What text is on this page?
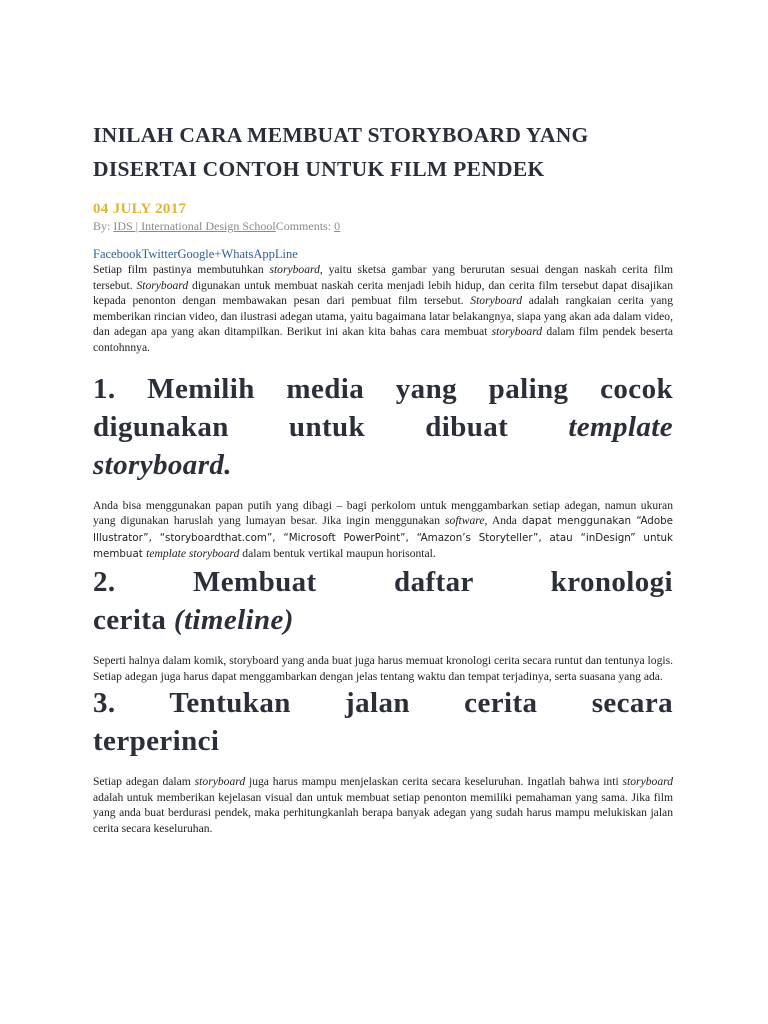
INILAH CARA MEMBUAT STORYBOARD YANG
DISERTAI CONTOH UNTUK FILM PENDEK
04 JULY 2017
By: IDS | International Design SchoolComments: 0
FacebookTwitterGoogle+WhatsAppLine

Setiap film pastinya membutuhkan storyboard, yaitu sketsa gambar yang berurutan sesuai dengan naskah cerita film tersebut. Storyboard digunakan untuk membuat naskah cerita menjadi lebih hidup, dan cerita film tersebut dapat disajikan kepada penonton dengan membawakan pesan dari pembuat film tersebut. Storyboard adalah rangkaian cerita yang memberikan rincian video, dan ilustrasi adegan utama, yaitu bagaimana latar belakangnya, siapa yang akan ada dalam video, dan adegan apa yang akan ditampilkan. Berikut ini akan kita bahas cara membuat storyboard dalam film pendek beserta contohnnya.

1. Memilih media yang paling cocok
digunakan untuk dibuat template
storyboard.

Anda bisa menggunakan papan putih yang dibagi – bagi perkolom untuk menggambarkan setiap adegan, namun ukuran yang digunakan haruslah yang lumayan besar. Jika ingin menggunakan software, Anda dapat menggunakan “Adobe Illustrator”, “storyboardthat.com”, “Microsoft PowerPoint”, “Amazon’s Storyteller”, atau “inDesign” untuk membuat template storyboard dalam bentuk vertikal maupun horisontal.

2. Membuat daftar kronologi
cerita (timeline)

Seperti halnya dalam komik, storyboard yang anda buat juga harus memuat kronologi cerita secara runtut dan tentunya logis. Setiap adegan juga harus dapat menggambarkan dengan jelas tentang waktu dan tempat terjadinya, serta suasana yang ada.

3. Tentukan jalan cerita secara
terperinci

Setiap adegan dalam storyboard juga harus mampu menjelaskan cerita secara keseluruhan. Ingatlah bahwa inti storyboard adalah untuk memberikan kejelasan visual dan untuk membuat setiap penonton memiliki pemahaman yang sama. Jika film yang anda buat berdurasi pendek, maka perhitungkanlah berapa banyak adegan yang sudah harus mampu melukiskan jalan cerita secara keseluruhan.
